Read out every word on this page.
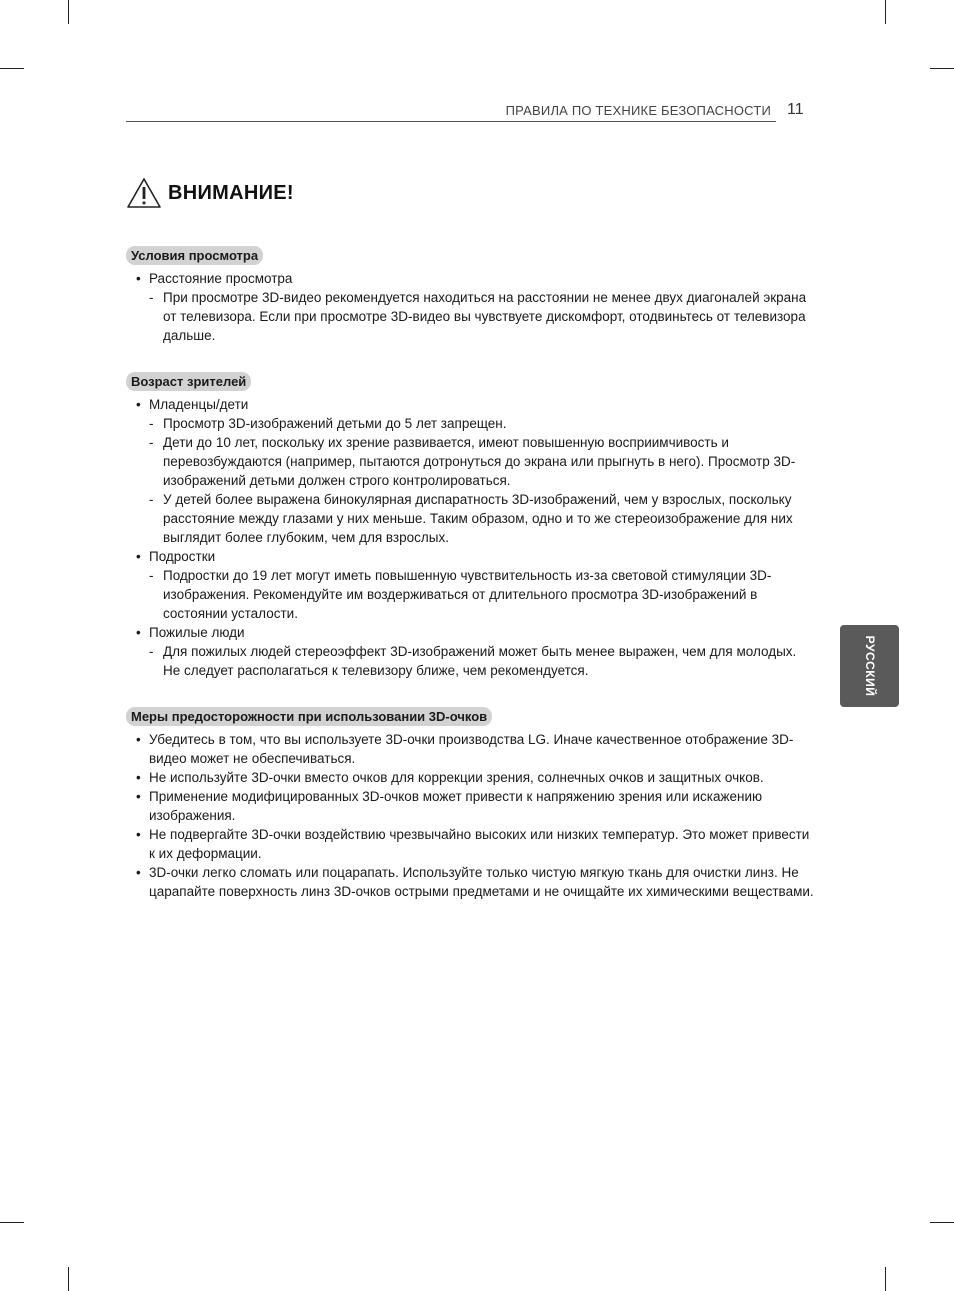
ПРАВИЛА ПО ТЕХНИКЕ БЕЗОПАСНОСТИ 11
ВНИМАНИЕ!
Условия просмотра
• Расстояние просмотра
- При просмотре 3D-видео рекомендуется находиться на расстоянии не менее двух диагоналей экрана от телевизора. Если при просмотре 3D-видео вы чувствуете дискомфорт, отодвиньтесь от телевизора дальше.
Возраст зрителей
• Младенцы/дети
- Просмотр 3D-изображений детьми до 5 лет запрещен.
- Дети до 10 лет, поскольку их зрение развивается, имеют повышенную восприимчивость и перевозбуждаются (например, пытаются дотронуться до экрана или прыгнуть в него). Просмотр 3D-изображений детьми должен строго контролироваться.
- У детей более выражена бинокулярная диспаратность 3D-изображений, чем у взрослых, поскольку расстояние между глазами у них меньше. Таким образом, одно и то же стереоизображение для них выглядит более глубоким, чем для взрослых.
• Подростки
- Подростки до 19 лет могут иметь повышенную чувствительность из-за световой стимуляции 3D-изображения. Рекомендуйте им воздерживаться от длительного просмотра 3D-изображений в состоянии усталости.
• Пожилые люди
- Для пожилых людей стереоэффект 3D-изображений может быть менее выражен, чем для молодых. Не следует располагаться к телевизору ближе, чем рекомендуется.
Меры предосторожности при использовании 3D-очков
• Убедитесь в том, что вы используете 3D-очки производства LG. Иначе качественное отображение 3D-видео может не обеспечиваться.
• Не используйте 3D-очки вместо очков для коррекции зрения, солнечных очков и защитных очков.
• Применение модифицированных 3D-очков может привести к напряжению зрения или искажению изображения.
• Не подвергайте 3D-очки воздействию чрезвычайно высоких или низких температур. Это может привести к их деформации.
• 3D-очки легко сломать или поцарапать. Используйте только чистую мягкую ткань для очистки линз. Не царапайте поверхность линз 3D-очков острыми предметами и не очищайте их химическими веществами.
РУССКИЙ
